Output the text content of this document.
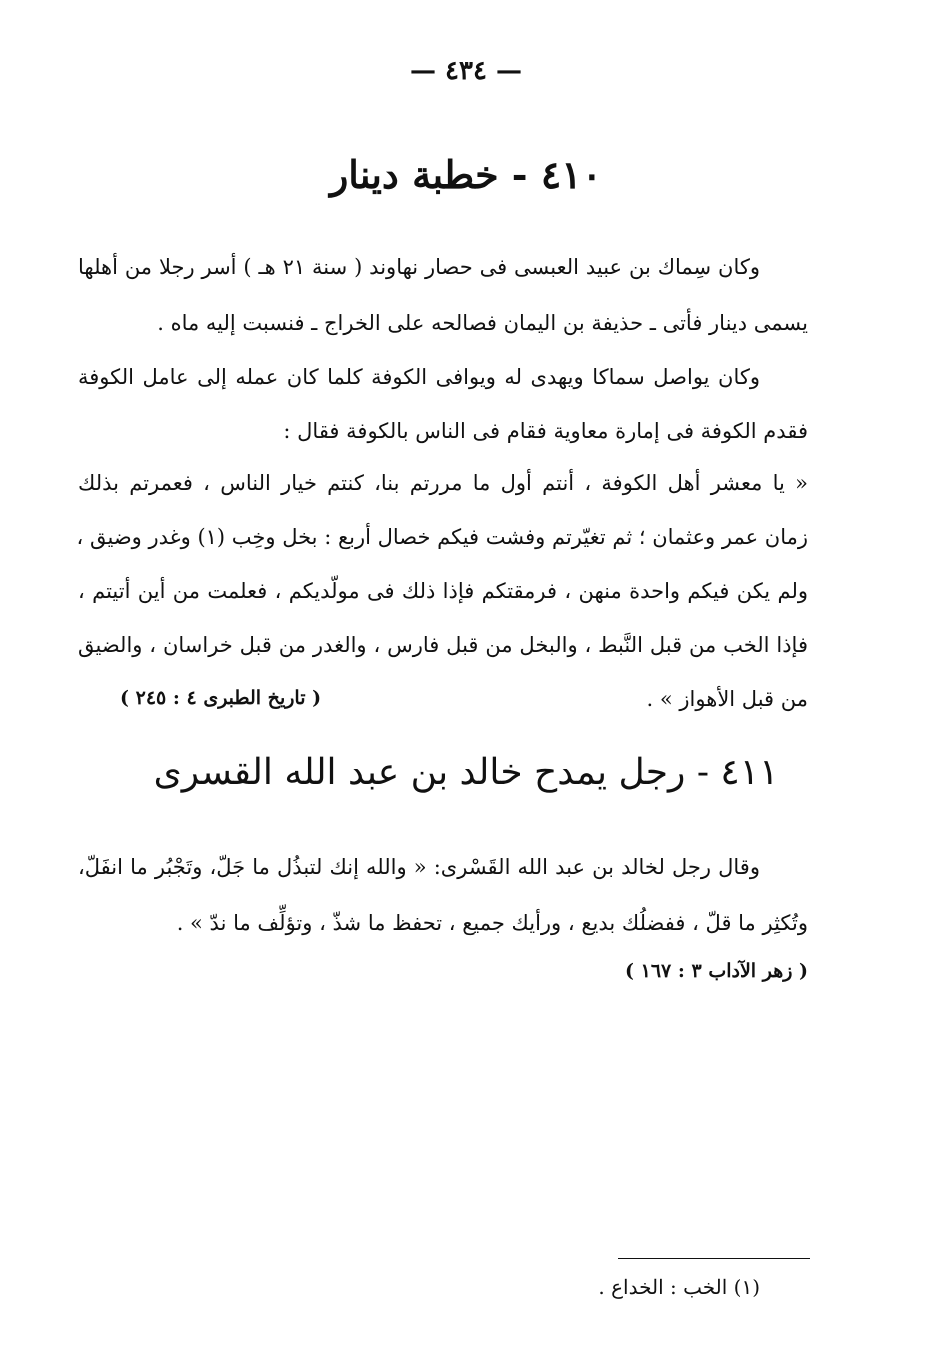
— ٤٣٤ —
٤١٠ - خطبة دينار
وكان سِماك بن عبيد العبسى فى حصار نهاوند ( سنة ٢١ هـ ) أسر رجلا من أهلها
يسمى دينار فأتى ـ حذيفة بن اليمان فصالحه على الخراج ـ فنسبت إليه ماه .
وكان يواصل سماكا ويهدى له ويوافى الكوفة كلما كان عمله إلى عامل الكوفة
فقدم الكوفة فى إمارة معاوية فقام فى الناس بالكوفة فقال :
« يا معشر أهل الكوفة ، أنتم أول ما مررتم بنا، كنتم خيار الناس ، فعمرتم بذلك
زمان عمر وعثمان ؛ ثم تغيّرتم وفشت فيكم خصال أربع : بخل وخِب (١) وغدر وضيق ،
ولم يكن فيكم واحدة منهن ، فرمقتكم فإذا ذلك فى مولّديكم ، فعلمت من أين أتيتم ،
فإذا الخب من قبل النَّبط ، والبخل من قبل فارس ، والغدر من قبل خراسان ، والضيق
من قبل الأهواز » .
( تاريخ الطبرى ٤ : ٢٤٥ )
٤١١ - رجل يمدح خالد بن عبد الله القسرى
وقال رجل لخالد بن عبد الله القَسْرى: « والله إنك لتبذُل ما جَلّ، وتَجْبُر ما انفَلّ،
وتُكثِر ما قلّ ، ففضلُك بديع ، ورأيك جميع ، تحفظ ما شذّ ، وتؤلِّف ما ندّ » .
( زهر الآداب ٣ : ١٦٧ )
(١) الخب : الخداع .
